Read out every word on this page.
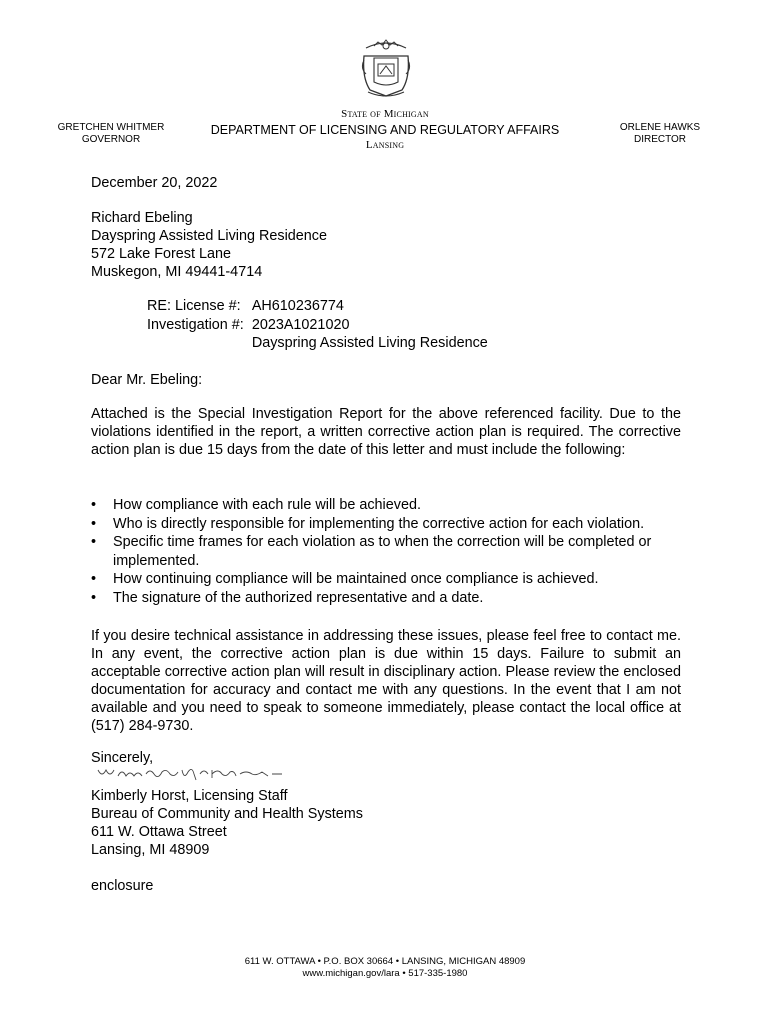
GRETCHEN WHITMER
GOVERNOR
State of Michigan
DEPARTMENT OF LICENSING AND REGULATORY AFFAIRS
Lansing
ORLENE HAWKS
DIRECTOR
December 20, 2022
Richard Ebeling
Dayspring Assisted Living Residence
572 Lake Forest Lane
Muskegon, MI 49441-4714
RE: License #:	AH610236774
Investigation #:	2023A1021020
	Dayspring Assisted Living Residence
Dear Mr. Ebeling:
Attached is the Special Investigation Report for the above referenced facility. Due to the violations identified in the report, a written corrective action plan is required. The corrective action plan is due 15 days from the date of this letter and must include the following:
• How compliance with each rule will be achieved.
• Who is directly responsible for implementing the corrective action for each violation.
• Specific time frames for each violation as to when the correction will be completed or implemented.
• How continuing compliance will be maintained once compliance is achieved.
• The signature of the authorized representative and a date.
If you desire technical assistance in addressing these issues, please feel free to contact me. In any event, the corrective action plan is due within 15 days. Failure to submit an acceptable corrective action plan will result in disciplinary action. Please review the enclosed documentation for accuracy and contact me with any questions. In the event that I am not available and you need to speak to someone immediately, please contact the local office at (517) 284-9730.
Sincerely,
Kimberly Horst, Licensing Staff
Bureau of Community and Health Systems
611 W. Ottawa Street
Lansing, MI 48909
enclosure
611 W. OTTAWA • P.O. BOX 30664 • LANSING, MICHIGAN 48909
www.michigan.gov/lara • 517-335-1980
